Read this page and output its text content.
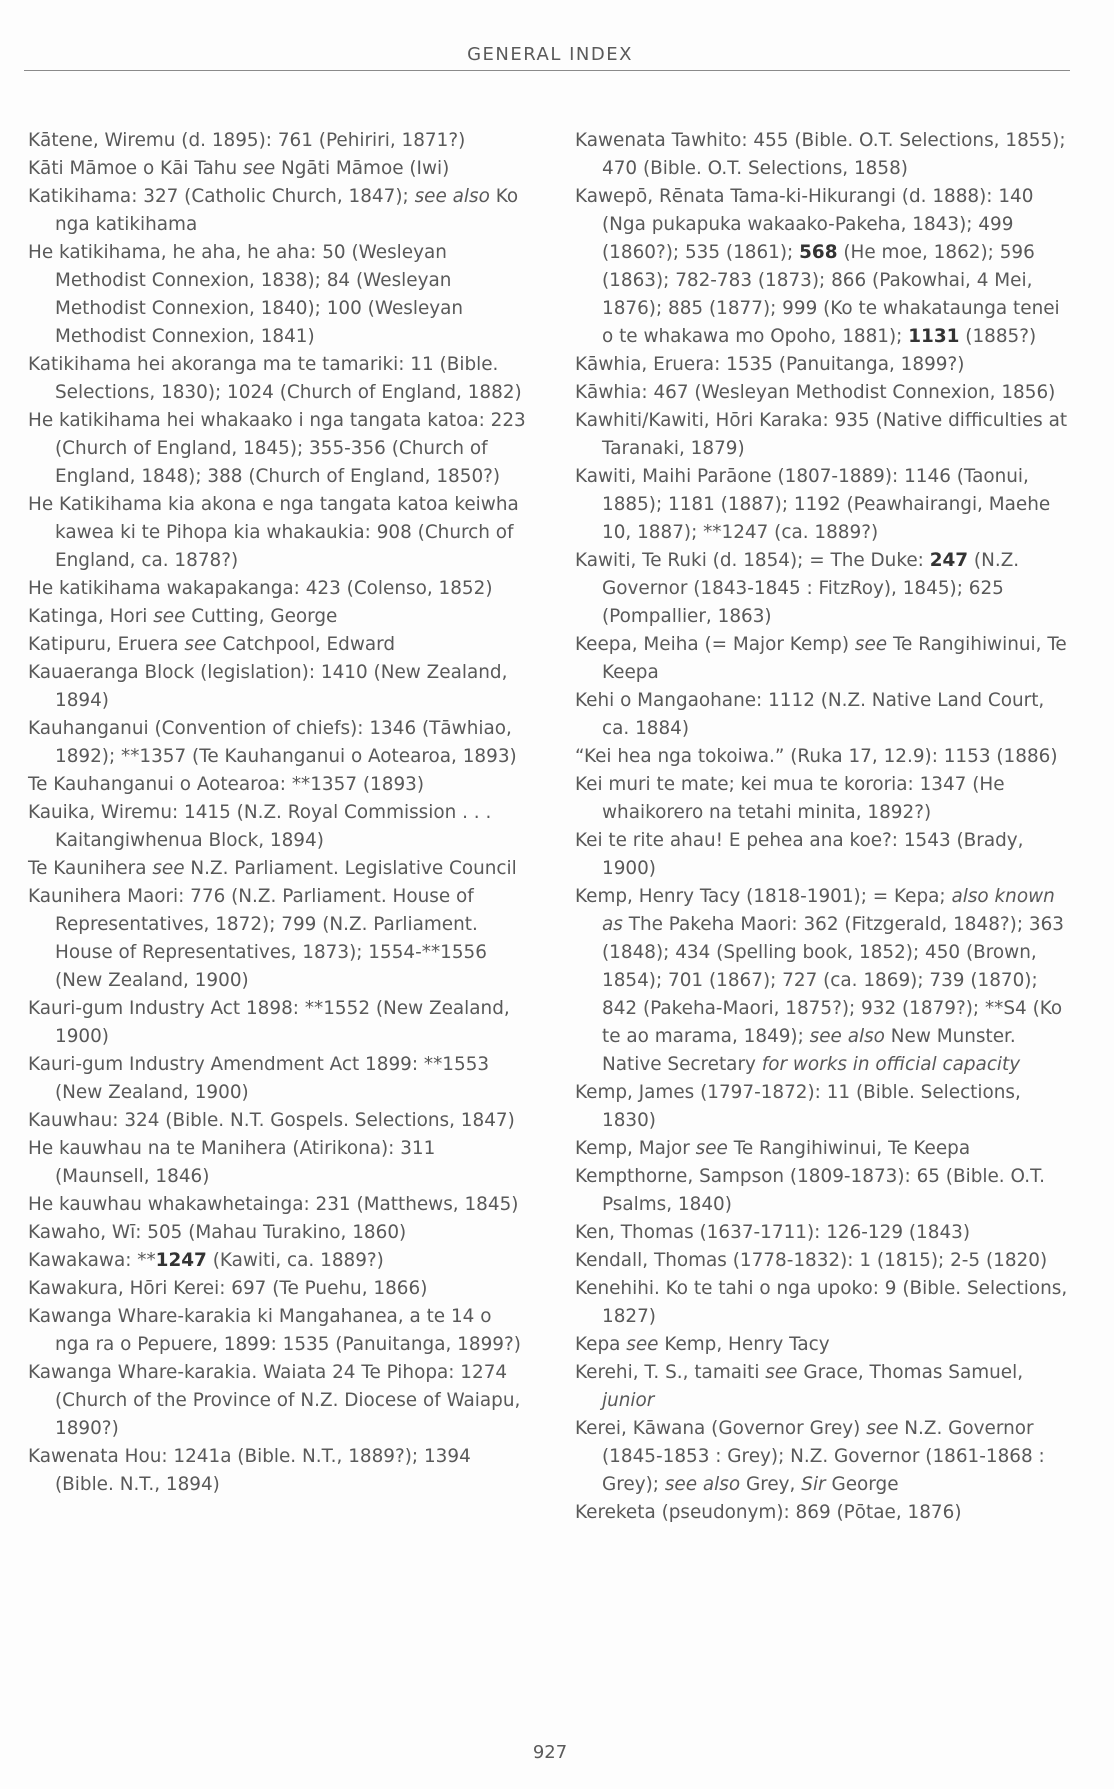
GENERAL INDEX

Kātene, Wiremu (d. 1895): 761 (Pehiriri, 1871?)

Kāti Māmoe o Kāi Tahu see Ngāti Māmoe (Iwi)

Katikihama: 327 (Catholic Church, 1847); see also Ko nga katikihama

He katikihama, he aha, he aha: 50 (Wesleyan Methodist Connexion, 1838); 84 (Wesleyan Methodist Connexion, 1840); 100 (Wesleyan Methodist Connexion, 1841)

Katikihama hei akoranga ma te tamariki: 11 (Bible. Selections, 1830); 1024 (Church of England, 1882)

He katikihama hei whakaako i nga tangata katoa: 223 (Church of England, 1845); 355-356 (Church of England, 1848); 388 (Church of England, 1850?)

He Katikihama kia akona e nga tangata katoa keiwha kawea ki te Pihopa kia whakaukia: 908 (Church of England, ca. 1878?)

He katikihama wakapakanga: 423 (Colenso, 1852)

Katinga, Hori see Cutting, George

Katipuru, Eruera see Catchpool, Edward

Kauaeranga Block (legislation): 1410 (New Zealand, 1894)

Kauhanganui (Convention of chiefs): 1346 (Tāwhiao, 1892); **1357 (Te Kauhanganui o Aotearoa, 1893)

Te Kauhanganui o Aotearoa: **1357 (1893)

Kauika, Wiremu: 1415 (N.Z. Royal Commission . . . Kaitangiwhenua Block, 1894)

Te Kaunihera see N.Z. Parliament. Legislative Council

Kaunihera Maori: 776 (N.Z. Parliament. House of Representatives, 1872); 799 (N.Z. Parliament. House of Representatives, 1873); 1554-**1556 (New Zealand, 1900)

Kauri-gum Industry Act 1898: **1552 (New Zealand, 1900)

Kauri-gum Industry Amendment Act 1899: **1553 (New Zealand, 1900)

Kauwhau: 324 (Bible. N.T. Gospels. Selections, 1847)

He kauwhau na te Manihera (Atirikona): 311 (Maunsell, 1846)

He kauwhau whakawhetainga: 231 (Matthews, 1845)

Kawaho, Wī: 505 (Mahau Turakino, 1860)

Kawakawa: **1247 (Kawiti, ca. 1889?)

Kawakura, Hōri Kerei: 697 (Te Puehu, 1866)

Kawanga Whare-karakia ki Mangahanea, a te 14 o nga ra o Pepuere, 1899: 1535 (Panuitanga, 1899?)

Kawanga Whare-karakia. Waiata 24 Te Pihopa: 1274 (Church of the Province of N.Z. Diocese of Waiapu, 1890?)

Kawenata Hou: 1241a (Bible. N.T., 1889?); 1394 (Bible. N.T., 1894)

Kawenata Tawhito: 455 (Bible. O.T. Selections, 1855); 470 (Bible. O.T. Selections, 1858)

Kawepō, Rēnata Tama-ki-Hikurangi (d. 1888): 140 (Nga pukapuka wakaako-Pakeha, 1843); 499 (1860?); 535 (1861); 568 (He moe, 1862); 596 (1863); 782-783 (1873); 866 (Pakowhai, 4 Mei, 1876); 885 (1877); 999 (Ko te whakataunga tenei o te whakawa mo Opoho, 1881); 1131 (1885?)

Kāwhia, Eruera: 1535 (Panuitanga, 1899?)

Kāwhia: 467 (Wesleyan Methodist Connexion, 1856)

Kawhiti/Kawiti, Hōri Karaka: 935 (Native difficulties at Taranaki, 1879)

Kawiti, Maihi Parāone (1807-1889): 1146 (Taonui, 1885); 1181 (1887); 1192 (Peawhairangi, Maehe 10, 1887); **1247 (ca. 1889?)

Kawiti, Te Ruki (d. 1854); = The Duke: 247 (N.Z. Governor (1843-1845 : FitzRoy), 1845); 625 (Pompallier, 1863)

Keepa, Meiha (= Major Kemp) see Te Rangihiwinui, Te Keepa

Kehi o Mangaohane: 1112 (N.Z. Native Land Court, ca. 1884)

“Kei hea nga tokoiwa.” (Ruka 17, 12.9): 1153 (1886)

Kei muri te mate; kei mua te kororia: 1347 (He whaikorero na tetahi minita, 1892?)

Kei te rite ahau! E pehea ana koe?: 1543 (Brady, 1900)

Kemp, Henry Tacy (1818-1901); = Kepa; also known as The Pakeha Maori: 362 (Fitzgerald, 1848?); 363 (1848); 434 (Spelling book, 1852); 450 (Brown, 1854); 701 (1867); 727 (ca. 1869); 739 (1870); 842 (Pakeha-Maori, 1875?); 932 (1879?); **S4 (Ko te ao marama, 1849); see also New Munster. Native Secretary for works in official capacity

Kemp, James (1797-1872): 11 (Bible. Selections, 1830)

Kemp, Major see Te Rangihiwinui, Te Keepa

Kempthorne, Sampson (1809-1873): 65 (Bible. O.T. Psalms, 1840)

Ken, Thomas (1637-1711): 126-129 (1843)

Kendall, Thomas (1778-1832): 1 (1815); 2-5 (1820)

Kenehihi. Ko te tahi o nga upoko: 9 (Bible. Selections, 1827)

Kepa see Kemp, Henry Tacy

Kerehi, T. S., tamaiti see Grace, Thomas Samuel, junior

Kerei, Kāwana (Governor Grey) see N.Z. Governor (1845-1853 : Grey); N.Z. Governor (1861-1868 : Grey); see also Grey, Sir George

Kereketa (pseudonym): 869 (Pōtae, 1876)

927
